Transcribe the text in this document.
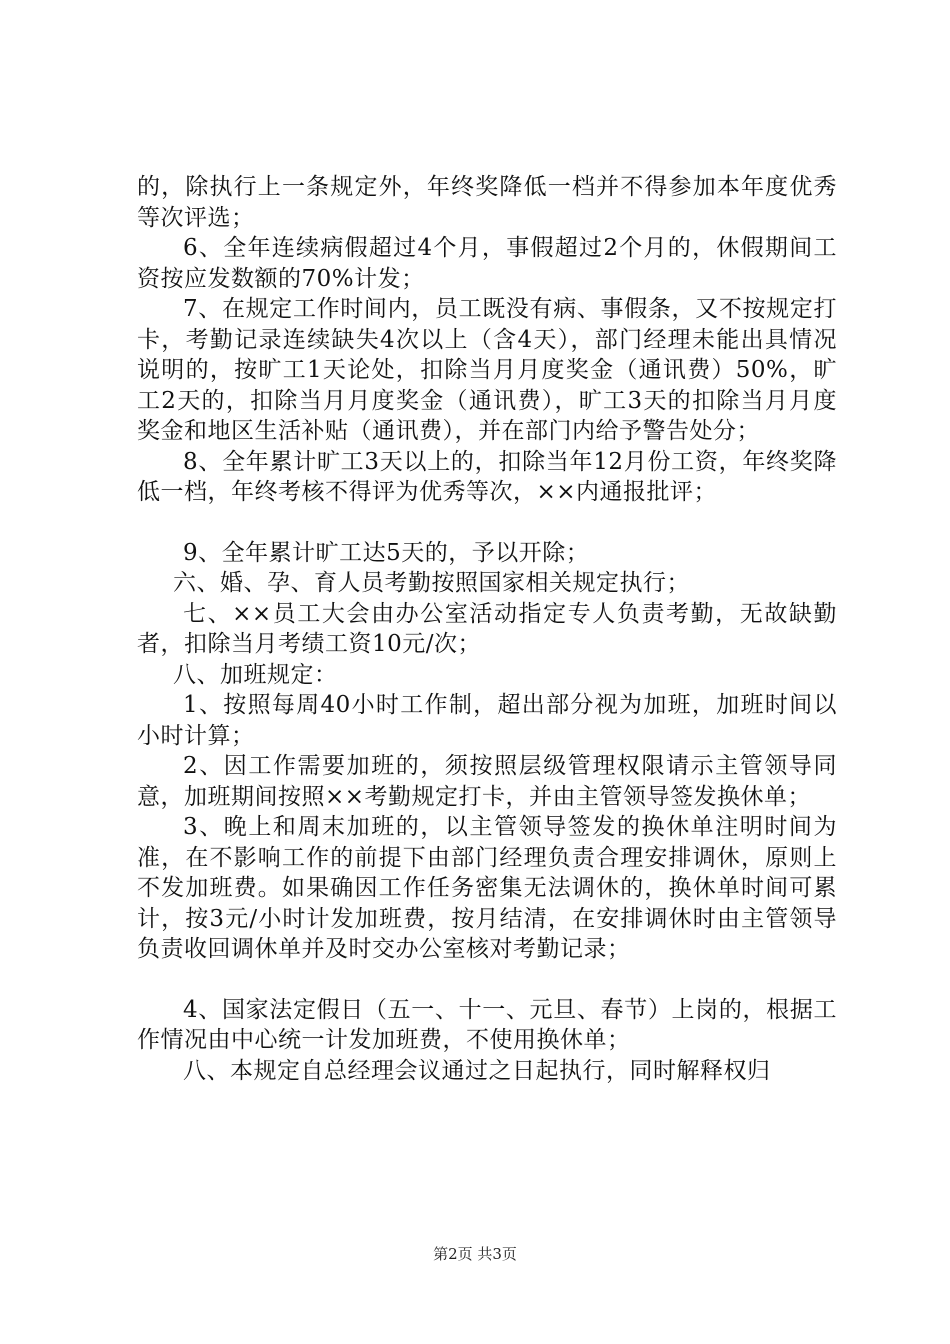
的，除执行上一条规定外，年终奖降低一档并不得参加本年度优秀等次评选；

6、全年连续病假超过4个月，事假超过2个月的，休假期间工资按应发数额的70%计发；

7、在规定工作时间内，员工既没有病、事假条，又不按规定打卡，考勤记录连续缺失4次以上（含4天），部门经理未能出具情况说明的，按旷工1天论处，扣除当月月度奖金（通讯费）50%，旷工2天的，扣除当月月度奖金（通讯费），旷工3天的扣除当月月度奖金和地区生活补贴（通讯费），并在部门内给予警告处分；

8、全年累计旷工3天以上的，扣除当年12月份工资，年终奖降低一档，年终考核不得评为优秀等次，××内通报批评；

9、全年累计旷工达5天的，予以开除；

六、婚、孕、育人员考勤按照国家相关规定执行；

七、××员工大会由办公室活动指定专人负责考勤，无故缺勤者，扣除当月考绩工资10元/次；

八、加班规定：

1、按照每周40小时工作制，超出部分视为加班，加班时间以小时计算；

2、因工作需要加班的，须按照层级管理权限请示主管领导同意，加班期间按照××考勤规定打卡，并由主管领导签发换休单；

3、晚上和周末加班的，以主管领导签发的换休单注明时间为准，在不影响工作的前提下由部门经理负责合理安排调休，原则上不发加班费。如果确因工作任务密集无法调休的，换休单时间可累计，按3元/小时计发加班费，按月结清，在安排调休时由主管领导负责收回调休单并及时交办公室核对考勤记录；

4、国家法定假日（五一、十一、元旦、春节）上岗的，根据工作情况由中心统一计发加班费，不使用换休单；

八、本规定自总经理会议通过之日起执行，同时解释权归

第2页 共3页
